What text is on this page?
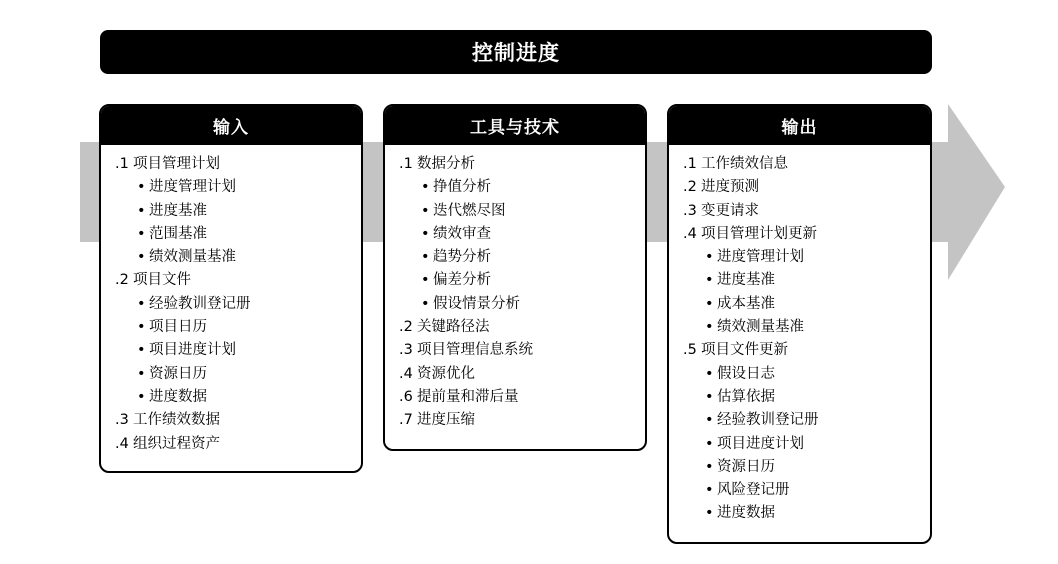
控制进度
输入
.1 项目管理计划
• 进度管理计划
• 进度基准
• 范围基准
• 绩效测量基准
.2 项目文件
• 经验教训登记册
• 项目日历
• 项目进度计划
• 资源日历
• 进度数据
.3 工作绩效数据
.4 组织过程资产
工具与技术
.1 数据分析
• 挣值分析
• 迭代燃尽图
• 绩效审查
• 趋势分析
• 偏差分析
• 假设情景分析
.2 关键路径法
.3 项目管理信息系统
.4 资源优化
.6 提前量和滞后量
.7 进度压缩
输出
.1 工作绩效信息
.2 进度预测
.3 变更请求
.4 项目管理计划更新
• 进度管理计划
• 进度基准
• 成本基准
• 绩效测量基准
.5 项目文件更新
• 假设日志
• 估算依据
• 经验教训登记册
• 项目进度计划
• 资源日历
• 风险登记册
• 进度数据
